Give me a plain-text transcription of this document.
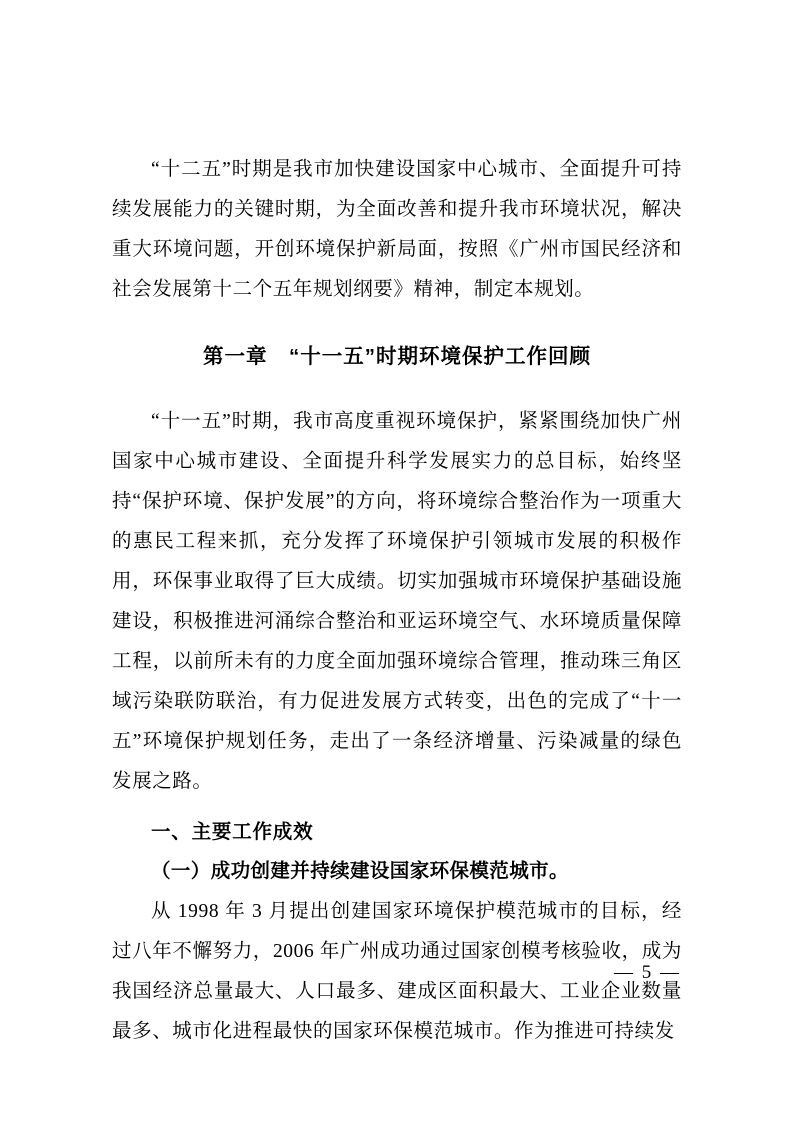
“十二五”时期是我市加快建设国家中心城市、全面提升可持续发展能力的关键时期，为全面改善和提升我市环境状况，解决重大环境问题，开创环境保护新局面，按照《广州市国民经济和社会发展第十二个五年规划纲要》精神，制定本规划。

第一章　“十一五”时期环境保护工作回顾

“十一五”时期，我市高度重视环境保护，紧紧围绕加快广州国家中心城市建设、全面提升科学发展实力的总目标，始终坚持“保护环境、保护发展”的方向，将环境综合整治作为一项重大的惠民工程来抓，充分发挥了环境保护引领城市发展的积极作用，环保事业取得了巨大成绩。切实加强城市环境保护基础设施建设，积极推进河涌综合整治和亚运环境空气、水环境质量保障工程，以前所未有的力度全面加强环境综合管理，推动珠三角区域污染联防联治，有力促进发展方式转变，出色的完成了“十一五”环境保护规划任务，走出了一条经济增量、污染减量的绿色发展之路。

一、主要工作成效
（一）成功创建并持续建设国家环保模范城市。

从 1998 年 3 月提出创建国家环境保护模范城市的目标，经过八年不懈努力，2006 年广州成功通过国家创模考核验收，成为我国经济总量最大、人口最多、建成区面积最大、工业企业数量最多、城市化进程最快的国家环保模范城市。作为推进可持续发

— 5 —
